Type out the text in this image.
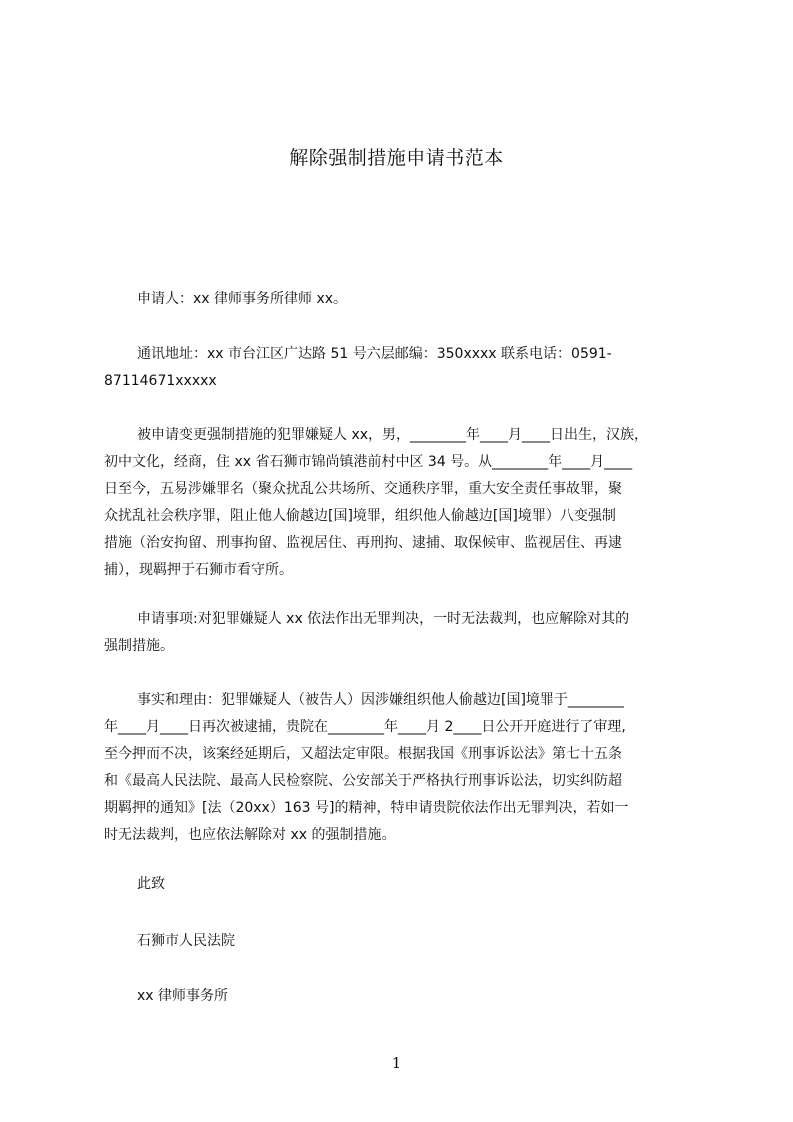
解除强制措施申请书范本
申请人：xx 律师事务所律师 xx。
通讯地址：xx 市台江区广达路 51 号六层邮编：350xxxx 联系电话：0591-
87114671xxxxx
被申请变更强制措施的犯罪嫌疑人 xx，男，________年____月____日出生，汉族，
初中文化，经商，住 xx 省石狮市锦尚镇港前村中区 34 号。从________年____月____
日至今，五易涉嫌罪名（聚众扰乱公共场所、交通秩序罪，重大安全责任事故罪，聚
众扰乱社会秩序罪，阻止他人偷越边[国]境罪，组织他人偷越边[国]境罪）八变强制
措施（治安拘留、刑事拘留、监视居住、再刑拘、逮捕、取保候审、监视居住、再逮
捕），现羁押于石狮市看守所。
申请事项:对犯罪嫌疑人 xx 依法作出无罪判决，一时无法裁判，也应解除对其的
强制措施。
事实和理由：犯罪嫌疑人（被告人）因涉嫌组织他人偷越边[国]境罪于________
年____月____日再次被逮捕，贵院在________年____月 2____日公开开庭进行了审理,
至今押而不决，该案经延期后，又超法定审限。根据我国《刑事诉讼法》第七十五条
和《最高人民法院、最高人民检察院、公安部关于严格执行刑事诉讼法，切实纠防超
期羁押的通知》[法（20xx）163 号]的精神，特申请贵院依法作出无罪判决，若如一
时无法裁判，也应依法解除对 xx 的强制措施。
此致
石狮市人民法院
xx 律师事务所
1
